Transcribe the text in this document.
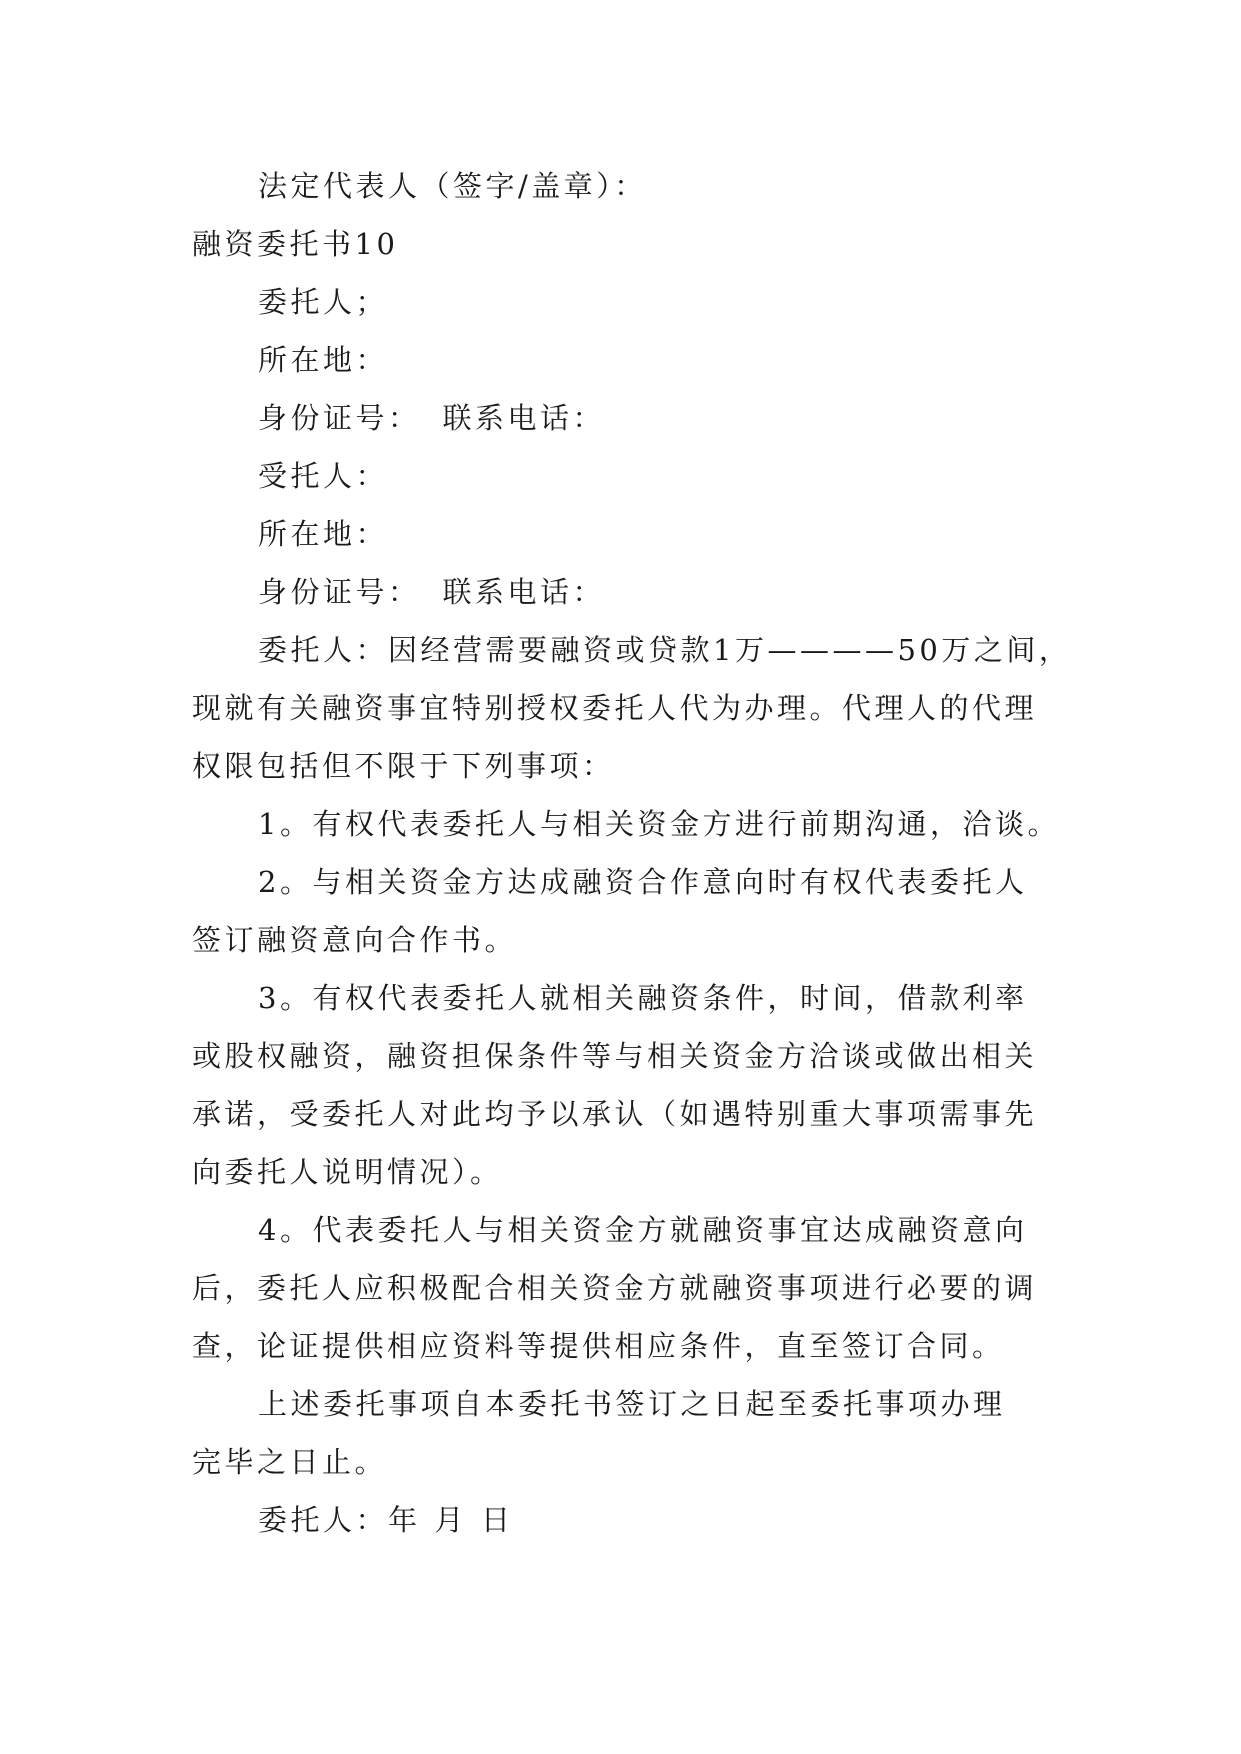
法定代表人（签字/盖章）：
融资委托书10
委托人；
所在地：
身份证号： 联系电话：
受托人：
所在地：
身份证号： 联系电话：
委托人：因经营需要融资或贷款1万————50万之间，
现就有关融资事宜特别授权委托人代为办理。代理人的代理
权限包括但不限于下列事项：
1。有权代表委托人与相关资金方进行前期沟通，洽谈。
2。与相关资金方达成融资合作意向时有权代表委托人
签订融资意向合作书。
3。有权代表委托人就相关融资条件，时间，借款利率
或股权融资，融资担保条件等与相关资金方洽谈或做出相关
承诺，受委托人对此均予以承认（如遇特别重大事项需事先
向委托人说明情况）。
4。代表委托人与相关资金方就融资事宜达成融资意向
后，委托人应积极配合相关资金方就融资事项进行必要的调
查，论证提供相应资料等提供相应条件，直至签订合同。
上述委托事项自本委托书签订之日起至委托事项办理
完毕之日止。
委托人：年 月 日
